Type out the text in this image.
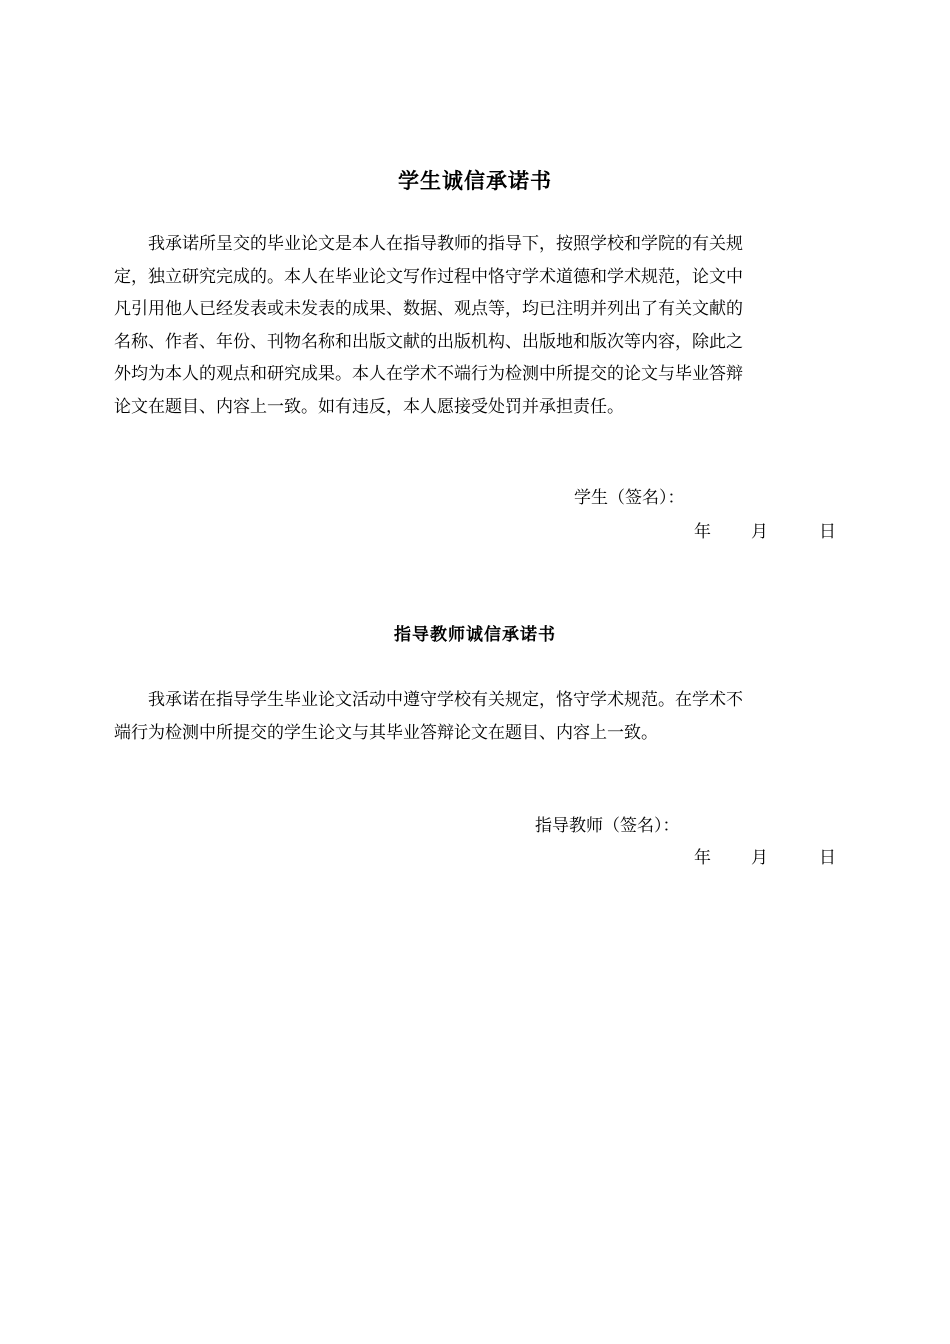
学生诚信承诺书
　　我承诺所呈交的毕业论文是本人在指导教师的指导下，按照学校和学院的有关规
定，独立研究完成的。本人在毕业论文写作过程中恪守学术道德和学术规范，论文中
凡引用他人已经发表或未发表的成果、数据、观点等，均已注明并列出了有关文献的
名称、作者、年份、刊物名称和出版文献的出版机构、出版地和版次等内容，除此之
外均为本人的观点和研究成果。本人在学术不端行为检测中所提交的论文与毕业答辩
论文在题目、内容上一致。如有违反，本人愿接受处罚并承担责任。
学生（签名）：
年 月	日
指导教师诚信承诺书
　　我承诺在指导学生毕业论文活动中遵守学校有关规定，恪守学术规范。在学术不
端行为检测中所提交的学生论文与其毕业答辩论文在题目、内容上一致。
指导教师（签名）：
年 月	日
